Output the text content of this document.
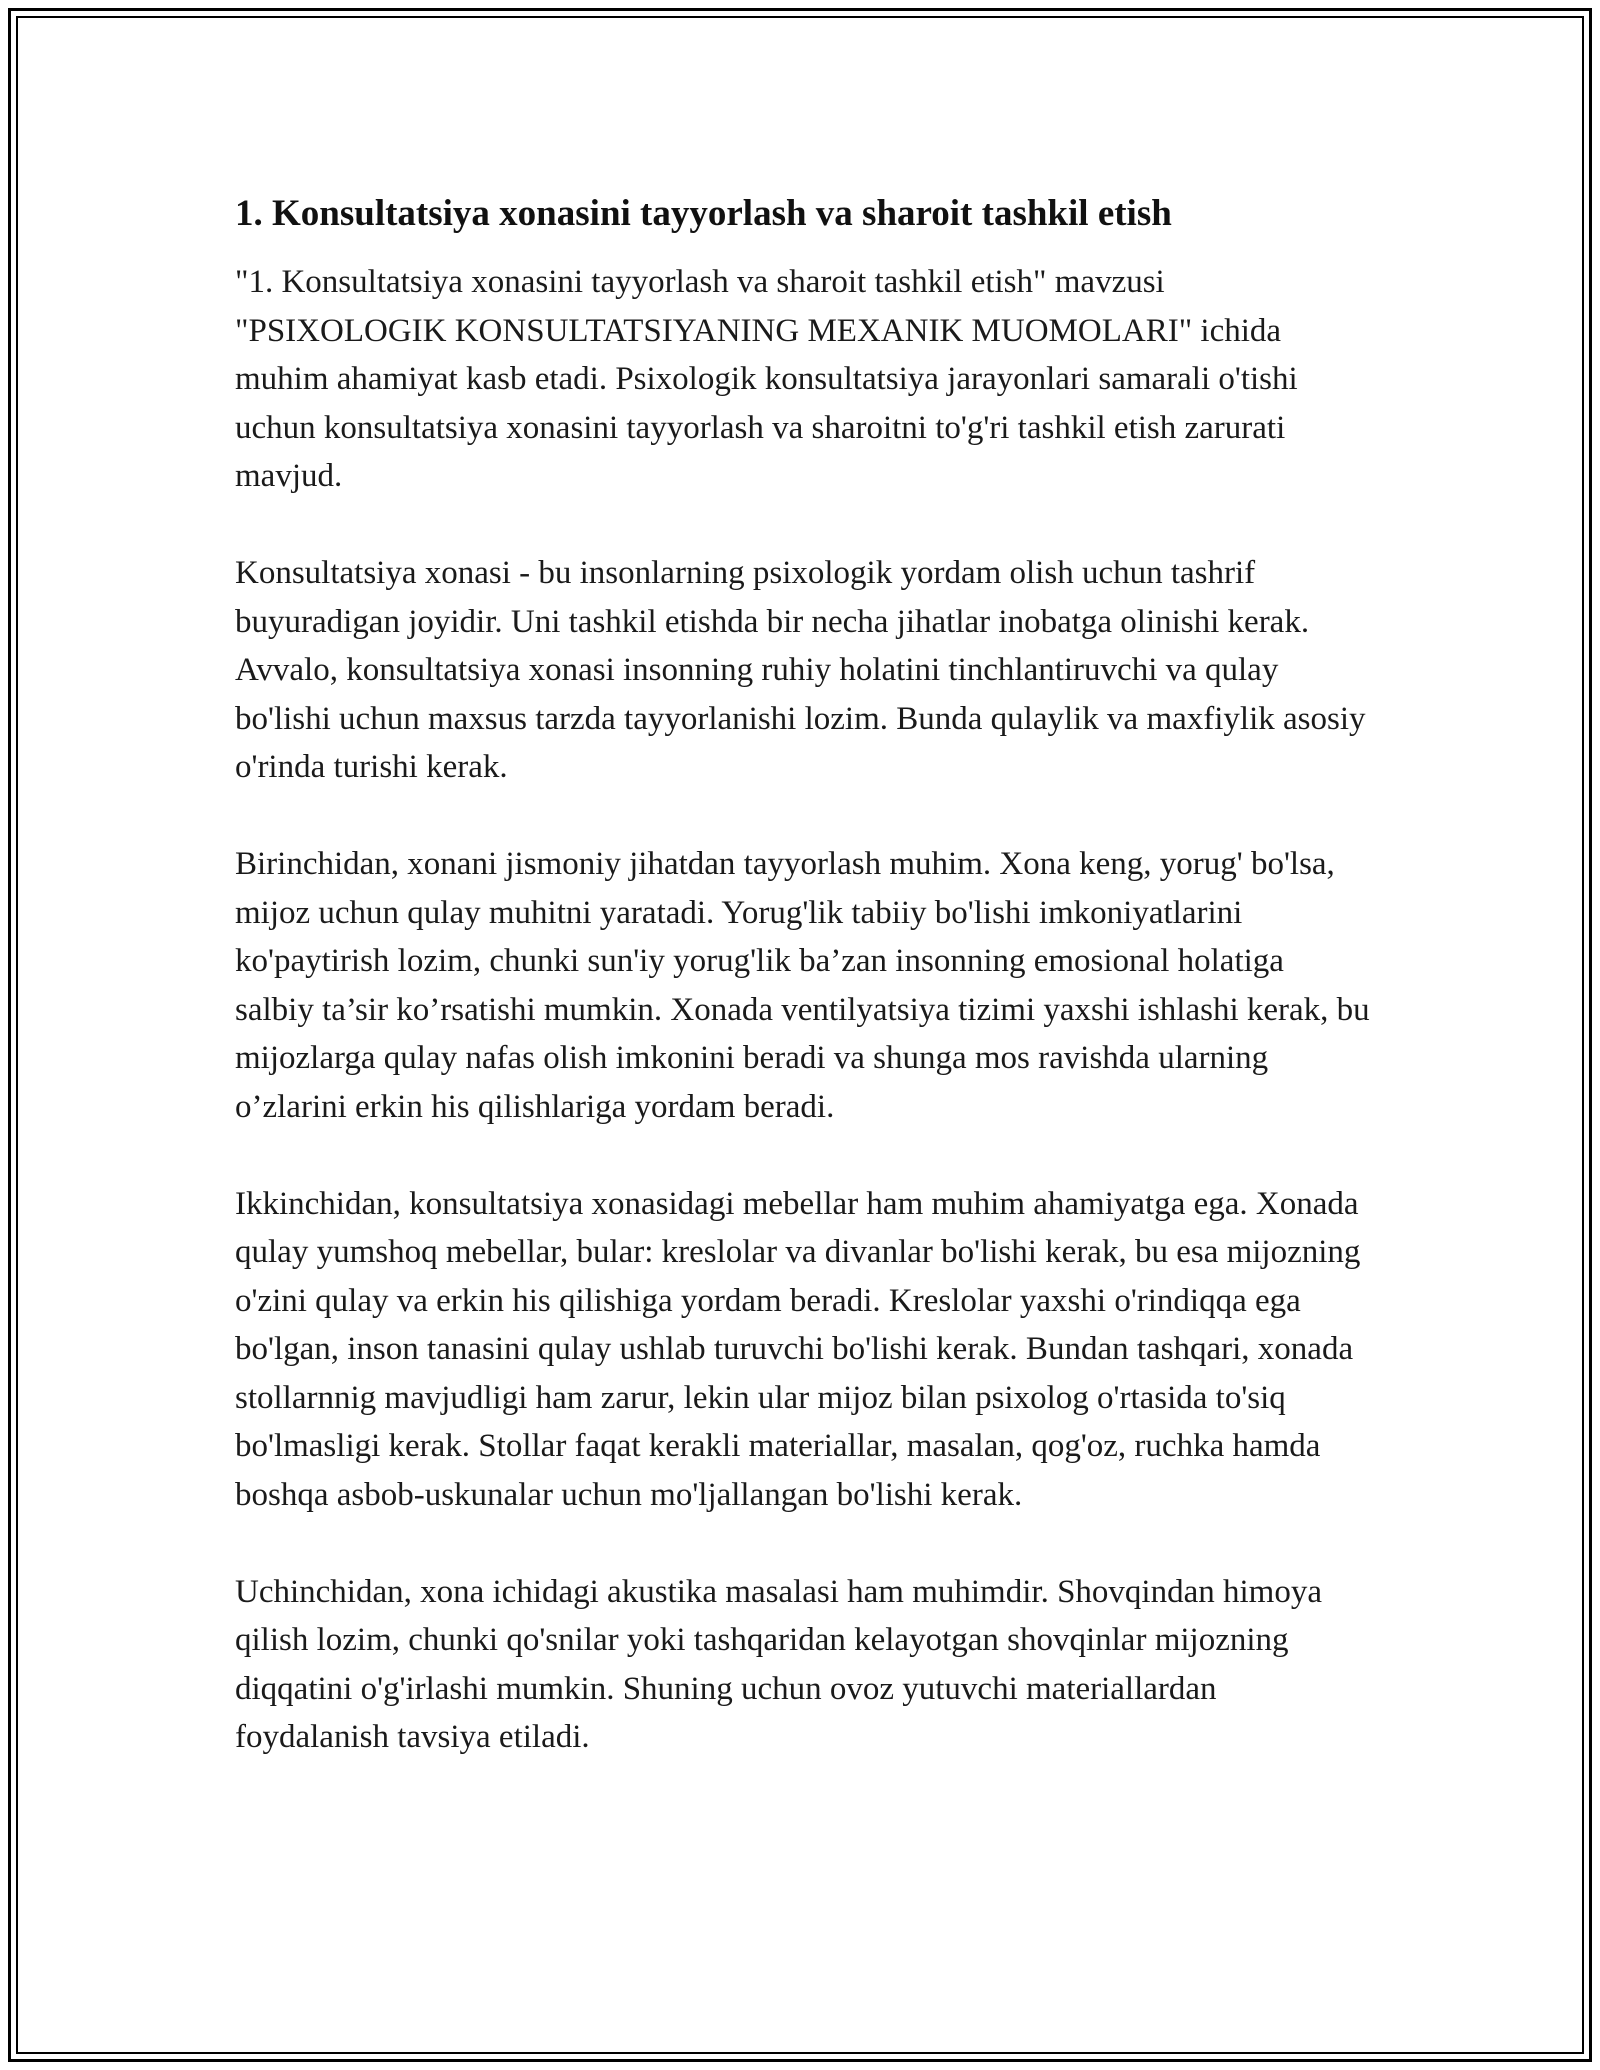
1. Konsultatsiya xonasini tayyorlash va sharoit tashkil etish

"1. Konsultatsiya xonasini tayyorlash va sharoit tashkil etish" mavzusi "PSIXOLOGIK KONSULTATSIYANING MEXANIK MUOMOLARI" ichida muhim ahamiyat kasb etadi. Psixologik konsultatsiya jarayonlari samarali o'tishi uchun konsultatsiya xonasini tayyorlash va sharoitni to'g'ri tashkil etish zarurati mavjud.

Konsultatsiya xonasi - bu insonlarning psixologik yordam olish uchun tashrif buyuradigan joyidir. Uni tashkil etishda bir necha jihatlar inobatga olinishi kerak. Avvalo, konsultatsiya xonasi insonning ruhiy holatini tinchlantiruvchi va qulay bo'lishi uchun maxsus tarzda tayyorlanishi lozim. Bunda qulaylik va maxfiylik asosiy o'rinda turishi kerak.

Birinchidan, xonani jismoniy jihatdan tayyorlash muhim. Xona keng, yorug' bo'lsa, mijoz uchun qulay muhitni yaratadi. Yorug'lik tabiiy bo'lishi imkoniyatlarini ko'paytirish lozim, chunki sun'iy yorug'lik ba’zan insonning emosional holatiga salbiy ta’sir ko’rsatishi mumkin. Xonada ventilyatsiya tizimi yaxshi ishlashi kerak, bu mijozlarga qulay nafas olish imkonini beradi va shunga mos ravishda ularning o’zlarini erkin his qilishlariga yordam beradi.

Ikkinchidan, konsultatsiya xonasidagi mebellar ham muhim ahamiyatga ega. Xonada qulay yumshoq mebellar, bular: kreslolar va divanlar bo'lishi kerak, bu esa mijozning o'zini qulay va erkin his qilishiga yordam beradi. Kreslolar yaxshi o'rindiqqa ega bo'lgan, inson tanasini qulay ushlab turuvchi bo'lishi kerak. Bundan tashqari, xonada stollarnnig mavjudligi ham zarur, lekin ular mijoz bilan psixolog o'rtasida to'siq bo'lmasligi kerak. Stollar faqat kerakli materiallar, masalan, qog'oz, ruchka hamda boshqa asbob-uskunalar uchun mo'ljallangan bo'lishi kerak.

Uchinchidan, xona ichidagi akustika masalasi ham muhimdir. Shovqindan himoya qilish lozim, chunki qo'snilar yoki tashqaridan kelayotgan shovqinlar mijozning diqqatini o'g'irlashi mumkin. Shuning uchun ovoz yutuvchi materiallardan foydalanish tavsiya etiladi.
